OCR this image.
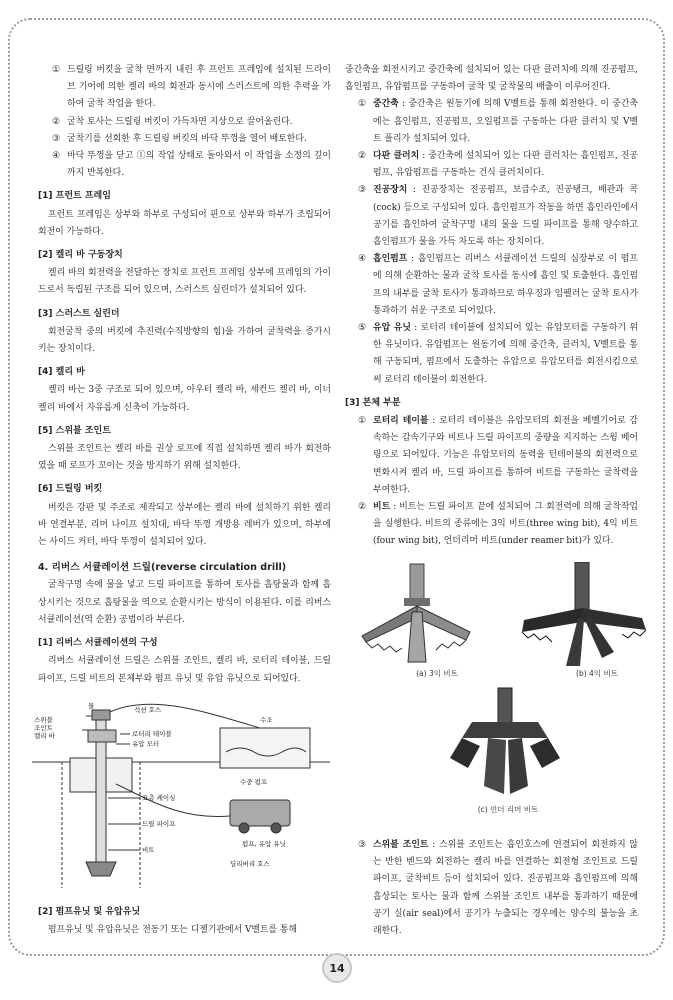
① 드릴링 버킷을 굴착 면까지 내린 후 프런트 프레임에 설치된 드라이브 기어에 의한 켈리 바의 회전과 동시에 스러스트에 의한 추력을 가하여 굴착 작업을 한다.

② 굴착 토사는 드릴링 버킷이 가득차면 지상으로 끌어올린다.

③ 굴착기를 선회한 후 드릴링 버킷의 바닥 뚜껑을 열어 배토한다.

④ 바닥 뚜껑을 닫고 ①의 작업 상태로 돌아와서 이 작업을 소정의 깊이까지 반복한다.

[1] 프런트 프레임

프런트 프레임은 상부와 하부로 구성되어 핀으로 상부와 하부가 조립되어 회전이 가능하다.

[2] 켈리 바 구동장치

켈리 바의 회전력을 전달하는 장치로 프런트 프레임 상부에 프레임의 가이드로서 독립된 구조를 되어 있으며, 스러스트 실린더가 설치되어 있다.

[3] 스러스트 실린더

회전굴착 중의 버킷에 추진력(수직방향의 힘)을 가하여 굴착력을 증가시키는 장치이다.

[4] 켈리 바

켈리 바는 3중 구조로 되어 있으며, 아우터 켈리 바, 세컨드 켈리 바, 이너 켈리 바에서 자유롭게 신축이 가능하다.

[5] 스위블 조인트

스위블 조인트는 켈리 바를 권상 로프에 직접 설치하면 켈리 바가 회전하였을 때 로프가 꼬이는 것을 방지하기 위해 설치한다.

[6] 드릴링 버킷

버킷은 강판 및 주조로 제작되고 상부에는 켈리 바에 설치하기 위한 켈리 바 연결부분, 리머 나이프 설치대, 바닥 뚜껑 개방용 레버가 있으며, 하부에는 사이드 커터, 바닥 뚜껑이 설치되어 있다.

4. 리버스 서큘레이션 드릴(reverse circulation drill)

굴착구멍 속에 물을 넣고 드릴 파이프를 통하여 토사를 흡탕물과 함께 흡상시키는 것으로 흡탕물을 역으로 순환시키는 방식이 이용된다. 이를 리버스 서큘레이션(역 순환) 공법이라 부른다.

[1] 리버스 서큘레이션의 구성

리버스 서큘레이션 드릴은 스위블 조인트, 켈리 바, 로터리 테이블, 드릴 파이프, 드릴 비트의 본체부와 펌프 유닛 및 유압 유닛으로 되어있다.

물	석션 호스
스위블
조인트
켈리 바	로터리 테이블
유압 모터
수조
수중 펌프
표층 케이싱
드릴 파이프
비트
펌프, 유압 유닛
딜리버리 호스
[2] 펌프유닛 및 유압유닛

펌프유닛 및 유압유닛은 전동기 또는 디젤기관에서 V벨트를 통해

중간축을 회전시키고 중간축에 설치되어 있는 다판 클러치에 의해 진공펌프, 흡인펌프, 유압펌프를 구동하여 굴착 및 굴착물의 배출이 이루어진다.

① 중간축 : 중간축은 원동기에 의해 V벨트를 통해 회전한다. 이 중간축에는 흡인펌프, 진공펌프, 오일펌프를 구동하는 다판 클러치 및 V벨트 풀리가 설치되어 있다.

② 다판 클러치 : 중간축에 설치되어 있는 다판 클러치는 흡인펌프, 진공펌프, 유압펌프를 구동하는 건식 클러치이다.

③ 진공장치 : 진공장치는 진공펌프, 보급수조, 진공탱크, 배관과 콕(cock) 등으로 구성되어 있다. 흡인펌프가 작동을 하면 흡인라인에서 공기를 흡인하여 굴착구멍 내의 물을 드릴 파이프를 통해 양수하고 흡인펌프가 물을 가득 차도록 하는 장치이다.

④ 흡인펌프 : 흡인펌프는 리버스 서큘레이션 드릴의 심장부로 이 펌프에 의해 순환하는 물과 굴착 토사를 동시에 흡인 및 토출한다. 흡인펌프의 내부를 굴착 토사가 통과하므로 하우징과 임펠러는 굴착 토사가 통과하기 쉬운 구조로 되어있다.

⑤ 유압 유닛 : 로터리 테이블에 설치되어 있는 유압모터를 구동하기 위한 유닛이다. 유압펌프는 원동기에 의해 중간축, 클러치, V벨트를 통해 구동되며, 펌프에서 도출하는 유압으로 유압모터를 회전시킴으로써 로터리 테이블이 회전한다.

[3] 본체 부분
① 로터리 테이블 : 로터리 테이블은 유압모터의 회전을 베벨기어로 감속하는 감속기구와 비트나 드릴 파이프의 중량을 지지하는 스윙 베어링으로 되어있다. 기능은 유압모터의 동력을 턴테이블의 회전력으로 변화시켜 켈리 바, 드릴 파이프를 통하여 비트를 구동하는 굴착력을 부여한다.

② 비트 : 비트는 드릴 파이프 끝에 설치되어 그 회전력에 의해 굴착작업을 실행한다. 비트의 종류에는 3익 비트(three wing bit), 4익 비트(four wing bit), 언더리머 비트(under reamer bit)가 있다.

(a) 3익 비트	(b) 4익 비트
(c) 언더 리머 비트
③ 스위블 조인트 : 스위블 조인트는 흡인호스에 연결되어 회전하지 않는 반한 벤드와 회전하는 켈리 바를 연결하는 회전형 조인트로 드릴파이프, 굴착비트 등이 설치되어 있다. 진공펌프와 흡인펌프에 의해 흡상되는 토사는 물과 함께 스위블 조인트 내부를 통과하기 때문에 공기 실(air seal)에서 공기가 누출되는 경우에는 양수의 불능을 초래한다.

14
